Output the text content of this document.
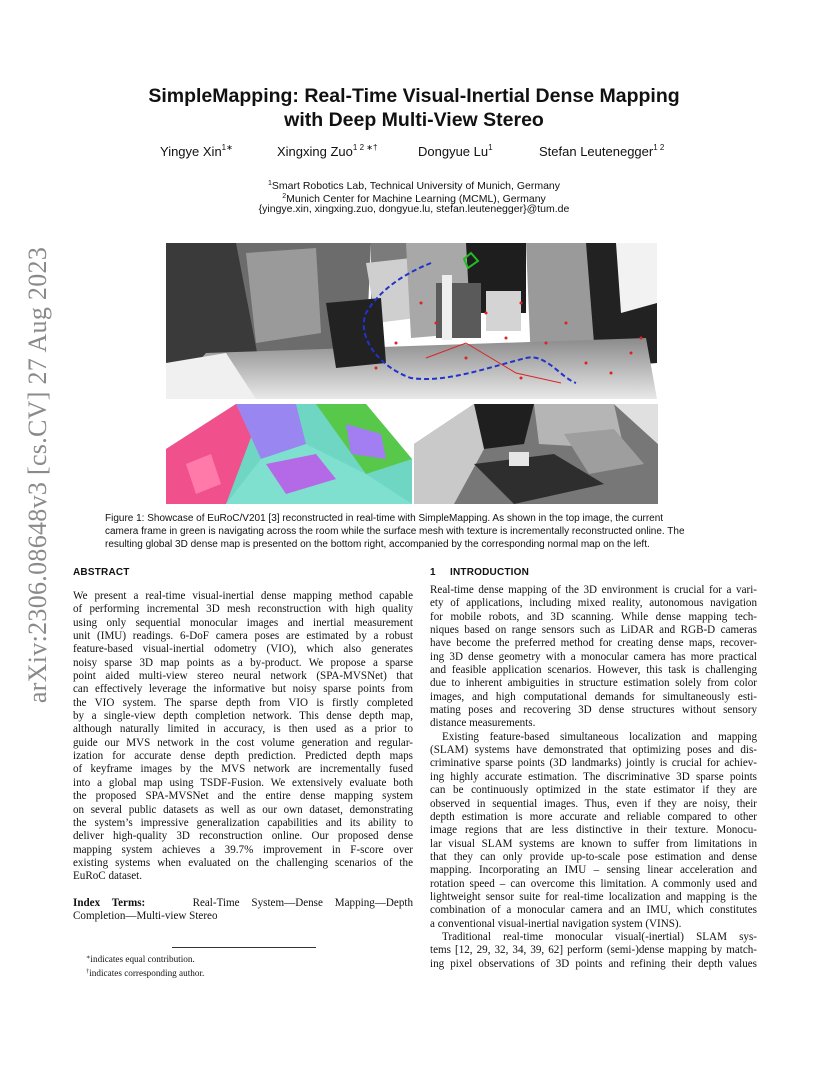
arXiv:2306.08648v3 [cs.CV] 27 Aug 2023
SimpleMapping: Real-Time Visual-Inertial Dense Mapping
with Deep Multi-View Stereo
Yingye Xin$^{1∗}$	Xingxing Zuo$^{1 2 ∗\dagger}$	Dongyue Lu$^1$	Stefan Leutenegger$^{1 2}$
$^1$Smart Robotics Lab, Technical University of Munich, Germany
$^2$Munich Center for Machine Learning (MCML), Germany
{yingye.xin, xingxing.zuo, dongyue.lu, stefan.leutenegger}@tum.de
Figure 1: Showcase of EuRoC/V201 [3] reconstructed in real-time with SimpleMapping. As shown in the top image, the current
camera frame in green is navigating across the room while the surface mesh with texture is incrementally reconstructed online. The
resulting global 3D dense map is presented on the bottom right, accompanied by the corresponding normal map on the left.
ABSTRACT
We present a real-time visual-inertial dense mapping method capable
of performing incremental 3D mesh reconstruction with high quality
using only sequential monocular images and inertial measurement
unit (IMU) readings. 6-DoF camera poses are estimated by a robust
feature-based visual-inertial odometry (VIO), which also generates
noisy sparse 3D map points as a by-product. We propose a sparse
point aided multi-view stereo neural network (SPA-MVSNet) that
can effectively leverage the informative but noisy sparse points from
the VIO system. The sparse depth from VIO is firstly completed
by a single-view depth completion network. This dense depth map,
although naturally limited in accuracy, is then used as a prior to
guide our MVS network in the cost volume generation and regular-
ization for accurate dense depth prediction. Predicted depth maps
of keyframe images by the MVS network are incrementally fused
into a global map using TSDF-Fusion. We extensively evaluate both
the proposed SPA-MVSNet and the entire dense mapping system
on several public datasets as well as our own dataset, demonstrating
the system’s impressive generalization capabilities and its ability to
deliver high-quality 3D reconstruction online. Our proposed dense
mapping system achieves a 39.7% improvement in F-score over
existing systems when evaluated on the challenging scenarios of the
EuRoC dataset.
Index Terms:	Real-Time System—Dense Mapping—Depth
Completion—Multi-view Stereo
∗indicates equal contribution.
†indicates corresponding author.
1 INTRODUCTION
Real-time dense mapping of the 3D environment is crucial for a vari-
ety of applications, including mixed reality, autonomous navigation
for mobile robots, and 3D scanning. While dense mapping tech-
niques based on range sensors such as LiDAR and RGB-D cameras
have become the preferred method for creating dense maps, recover-
ing 3D dense geometry with a monocular camera has more practical
and feasible application scenarios. However, this task is challenging
due to inherent ambiguities in structure estimation solely from color
images, and high computational demands for simultaneously esti-
mating poses and recovering 3D dense structures without sensory
distance measurements.
Existing feature-based simultaneous localization and mapping
(SLAM) systems have demonstrated that optimizing poses and dis-
criminative sparse points (3D landmarks) jointly is crucial for achiev-
ing highly accurate estimation. The discriminative 3D sparse points
can be continuously optimized in the state estimator if they are
observed in sequential images. Thus, even if they are noisy, their
depth estimation is more accurate and reliable compared to other
image regions that are less distinctive in their texture. Monocu-
lar visual SLAM systems are known to suffer from limitations in
that they can only provide up-to-scale pose estimation and dense
mapping. Incorporating an IMU – sensing linear acceleration and
rotation speed – can overcome this limitation. A commonly used and
lightweight sensor suite for real-time localization and mapping is the
combination of a monocular camera and an IMU, which constitutes
a conventional visual-inertial navigation system (VINS).
Traditional real-time monocular visual(-inertial) SLAM sys-
tems [12, 29, 32, 34, 39, 62] perform (semi-)dense mapping by match-
ing pixel observations of 3D points and refining their depth values
